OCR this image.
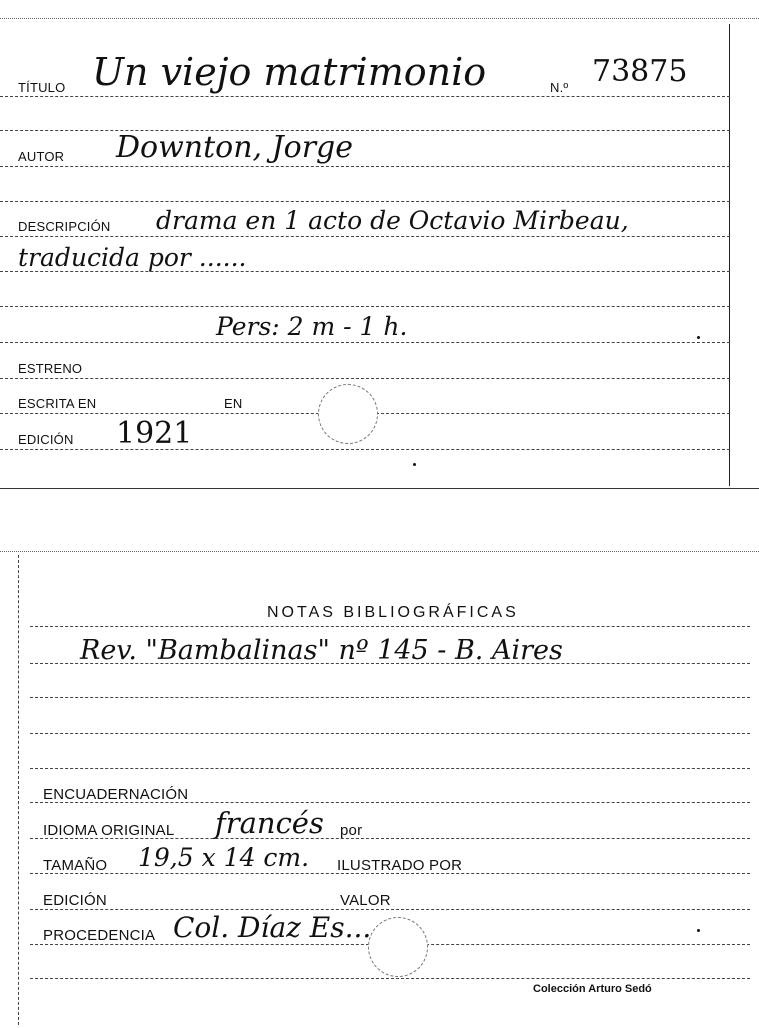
TÍTULO Un viejo matrimonio	N.º 73875
AUTOR Downton, Jorge
DESCRIPCIÓN drama en 1 acto de Octavio Mirbeau,
traducida por ......
Pers: 2 m - 1 h.
ESTRENO
ESCRITA EN	EN
EDICIÓN 1921
NOTAS BIBLIOGRÁFICAS
Rev. "Bambalinas" nº 145 - B. Aires
ENCUADERNACIÓN
IDIOMA ORIGINAL francés por
TAMAÑO 19,5 x 14 cm. ILUSTRADO POR
EDICIÓN	VALOR
PROCEDENCIA Col. Díaz Es...
Colección Arturo Sedó
